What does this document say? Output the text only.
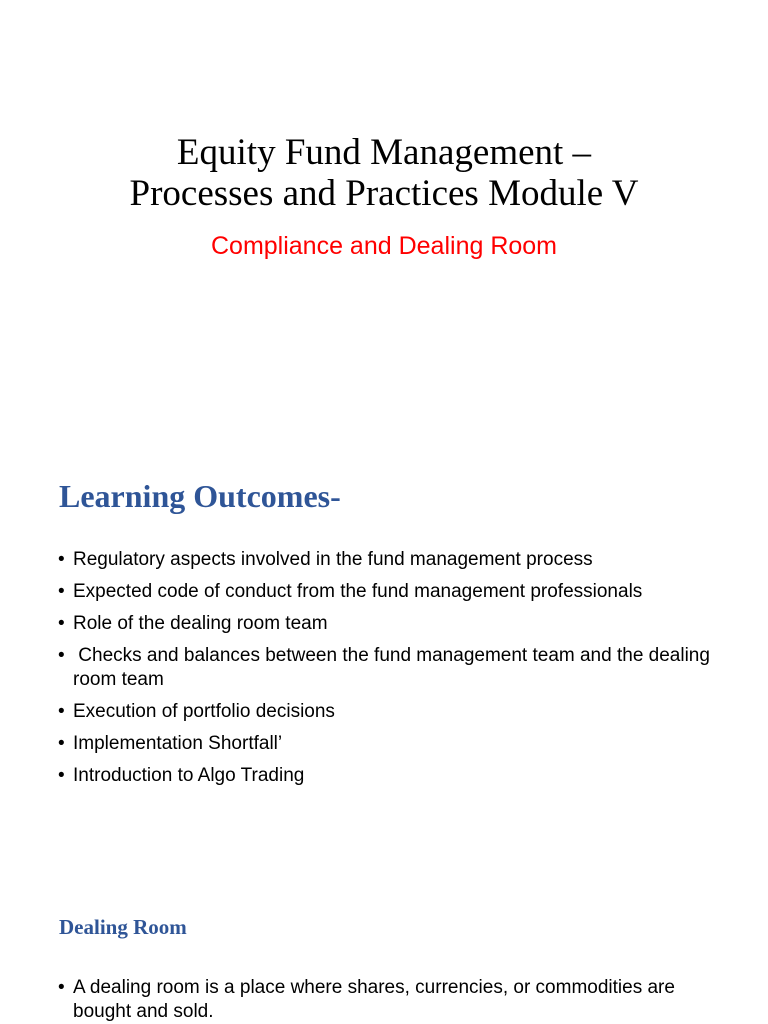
Equity Fund Management –
Processes and Practices Module V
Compliance and Dealing Room
Learning Outcomes-
• Regulatory aspects involved in the fund management process
• Expected code of conduct from the fund management professionals
• Role of the dealing room team
• Checks and balances between the fund management team and the dealing room team
• Execution of portfolio decisions
• Implementation Shortfall’
• Introduction to Algo Trading
Dealing Room
• A dealing room is a place where shares, currencies, or commodities are bought and sold.
